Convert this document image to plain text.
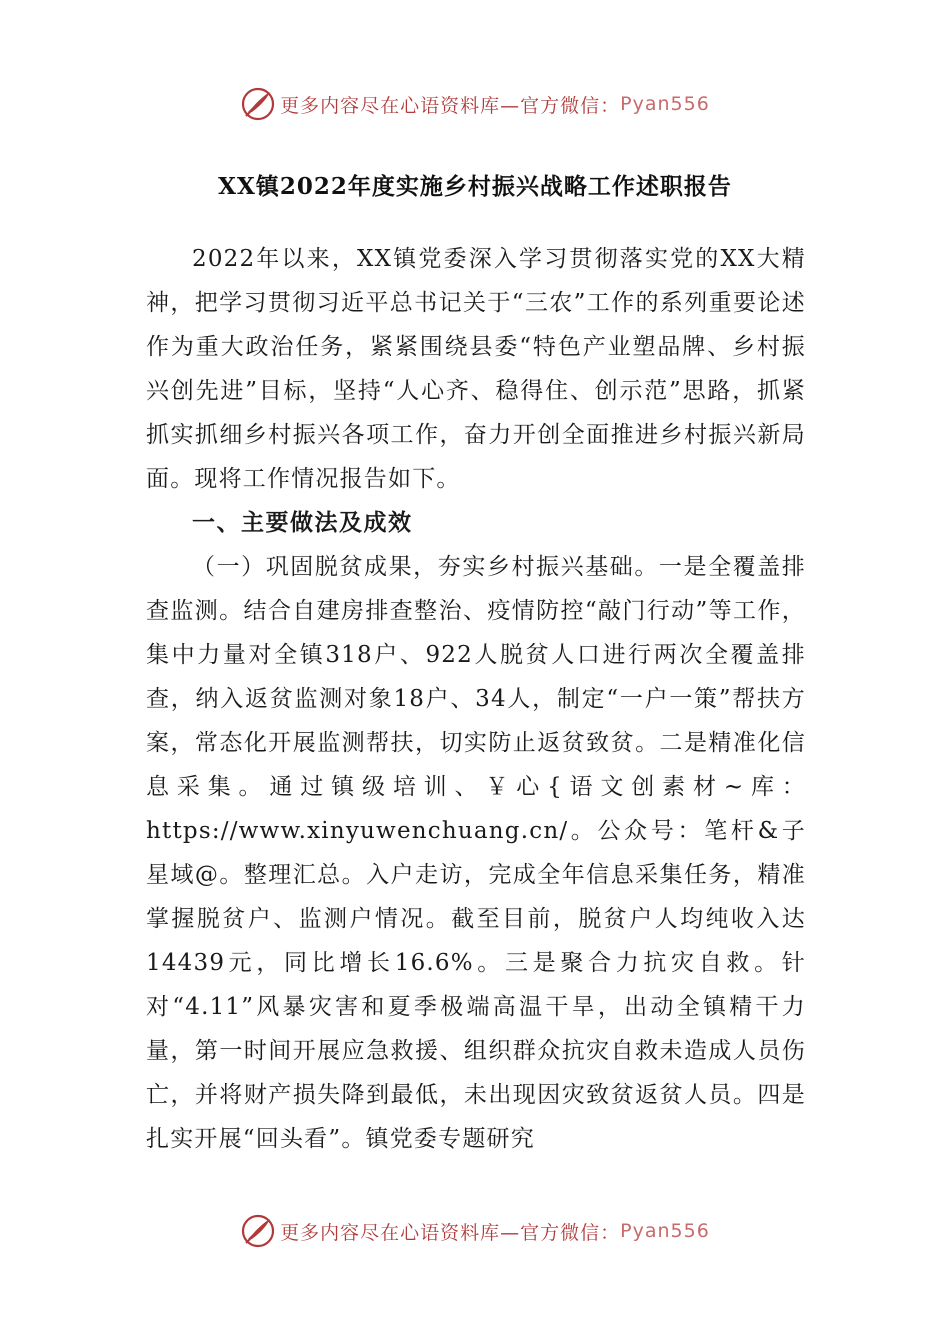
更多内容尽在心语资料库—官方微信： Pyan556
XX镇2022年度实施乡村振兴战略工作述职报告

2022年以来，XX镇党委深入学习贯彻落实党的XX大精神，把学习贯彻习近平总书记关于“三农”工作的系列重要论述作为重大政治任务，紧紧围绕县委“特色产业塑品牌、乡村振兴创先进”目标，坚持“人心齐、稳得住、创示范”思路，抓紧抓实抓细乡村振兴各项工作，奋力开创全面推进乡村振兴新局面。现将工作情况报告如下。

一、主要做法及成效

（一）巩固脱贫成果，夯实乡村振兴基础。一是全覆盖排查监测。结合自建房排查整治、疫情防控“敲门行动”等工作，集中力量对全镇318户、922人脱贫人口进行两次全覆盖排查，纳入返贫监测对象18户、34人，制定“一户一策”帮扶方案，常态化开展监测帮扶，切实防止返贫致贫。二是精准化信息采集。通过镇级培训、￥心{语文创素材~库：https://www.xinyuwenchuang.cn/。公众号：笔杆&子星域@。整理汇总。入户走访，完成全年信息采集任务，精准掌握脱贫户、监测户情况。截至目前，脱贫户人均纯收入达14439元，同比增长16.6%。三是聚合力抗灾自救。针对“4.11”风暴灾害和夏季极端高温干旱，出动全镇精干力量，第一时间开展应急救援、组织群众抗灾自救未造成人员伤亡，并将财产损失降到最低，未出现因灾致贫返贫人员。四是扎实开展“回头看”。镇党委专题研究

更多内容尽在心语资料库—官方微信： Pyan556
